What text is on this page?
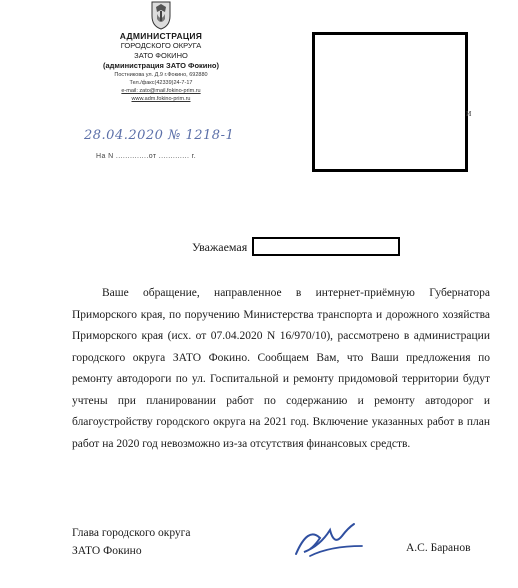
АДМИНИСТРАЦИЯ
ГОРОДСКОГО ОКРУГА
ЗАТО ФОКИНО
(администрация ЗАТО Фокино)
Постникова ул. Д.9 г.Фокино, 692880
Тел./факс(42339)24-7-17
e-mail: zato@mail.fokino-prim.ru
www.adm.fokino-prim.ru
28.04.2020 № 1218-1
На N ..............от ............. г.
и
Уважаемая
Ваше обращение, направленное в интернет-приёмную Губернатора Приморского края, по поручению Министерства транспорта и дорожного хозяйства Приморского края (исх. от 07.04.2020 N 16/970/10), рассмотрено в администрации городского округа ЗАТО Фокино. Сообщаем Вам, что Ваши предложения по ремонту автодороги по ул. Госпитальной и ремонту придомовой территории будут учтены при планировании работ по содержанию и ремонту автодорог и благоустройству городского округа на 2021 год. Включение указанных работ в план работ на 2020 год невозможно из-за отсутствия финансовых средств.
Глава городского округа
ЗАТО Фокино	А.С. Баранов
